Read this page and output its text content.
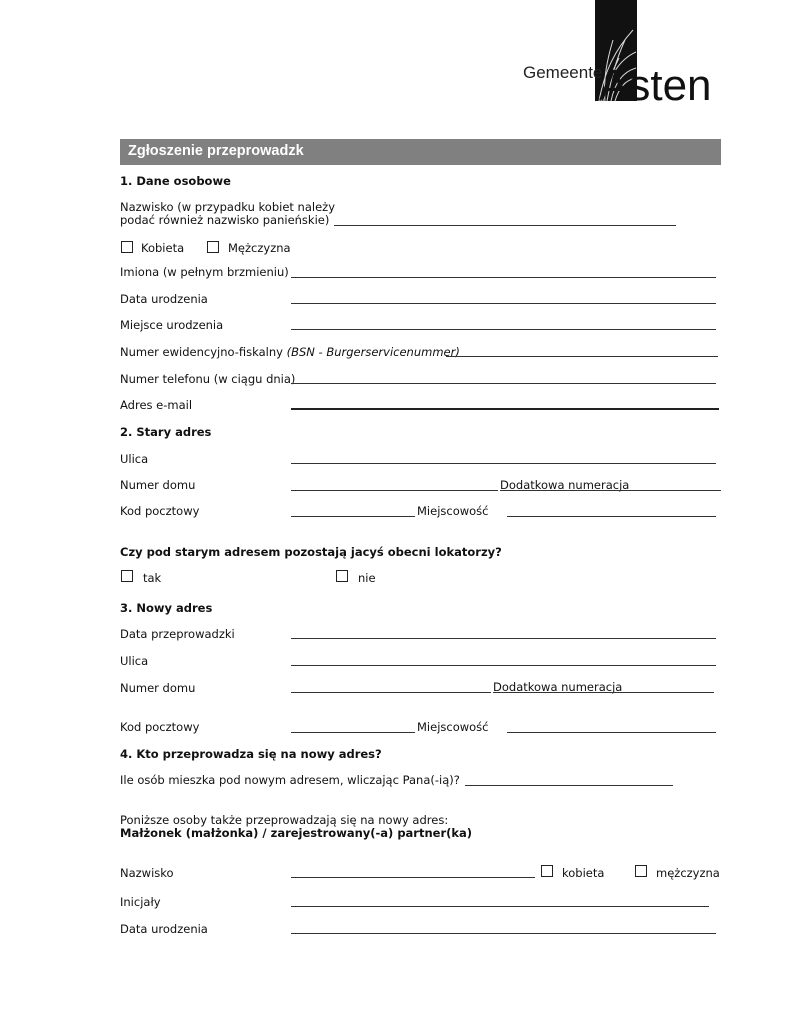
Gemeente
Asten
Zgłoszenie przeprowadzk
1. Dane osobowe
Nazwisko (w przypadku kobiet należy
podać również nazwisko panieńskie)
Kobieta	Mężczyzna
Imiona (w pełnym brzmieniu)
Data urodzenia
Miejsce urodzenia
Numer ewidencyjno-fiskalny (BSN - Burgerservicenummer)
Numer telefonu (w ciągu dnia)
Adres e-mail
2. Stary adres
Ulica
Numer domu	Dodatkowa numeracja
Kod pocztowy	Miejscowość
Czy pod starym adresem pozostają jacyś obecni lokatorzy?
tak	nie
3. Nowy adres
Data przeprowadzki
Ulica
Numer domu	Dodatkowa numeracja
Kod pocztowy	Miejscowość
4. Kto przeprowadza się na nowy adres?
Ile osób mieszka pod nowym adresem, wliczając Pana(-ią)?
Poniższe osoby także przeprowadzają się na nowy adres:
Małżonek (małżonka) / zarejestrowany(-a) partner(ka)
Nazwisko	kobieta	mężczyzna
Inicjały
Data urodzenia
